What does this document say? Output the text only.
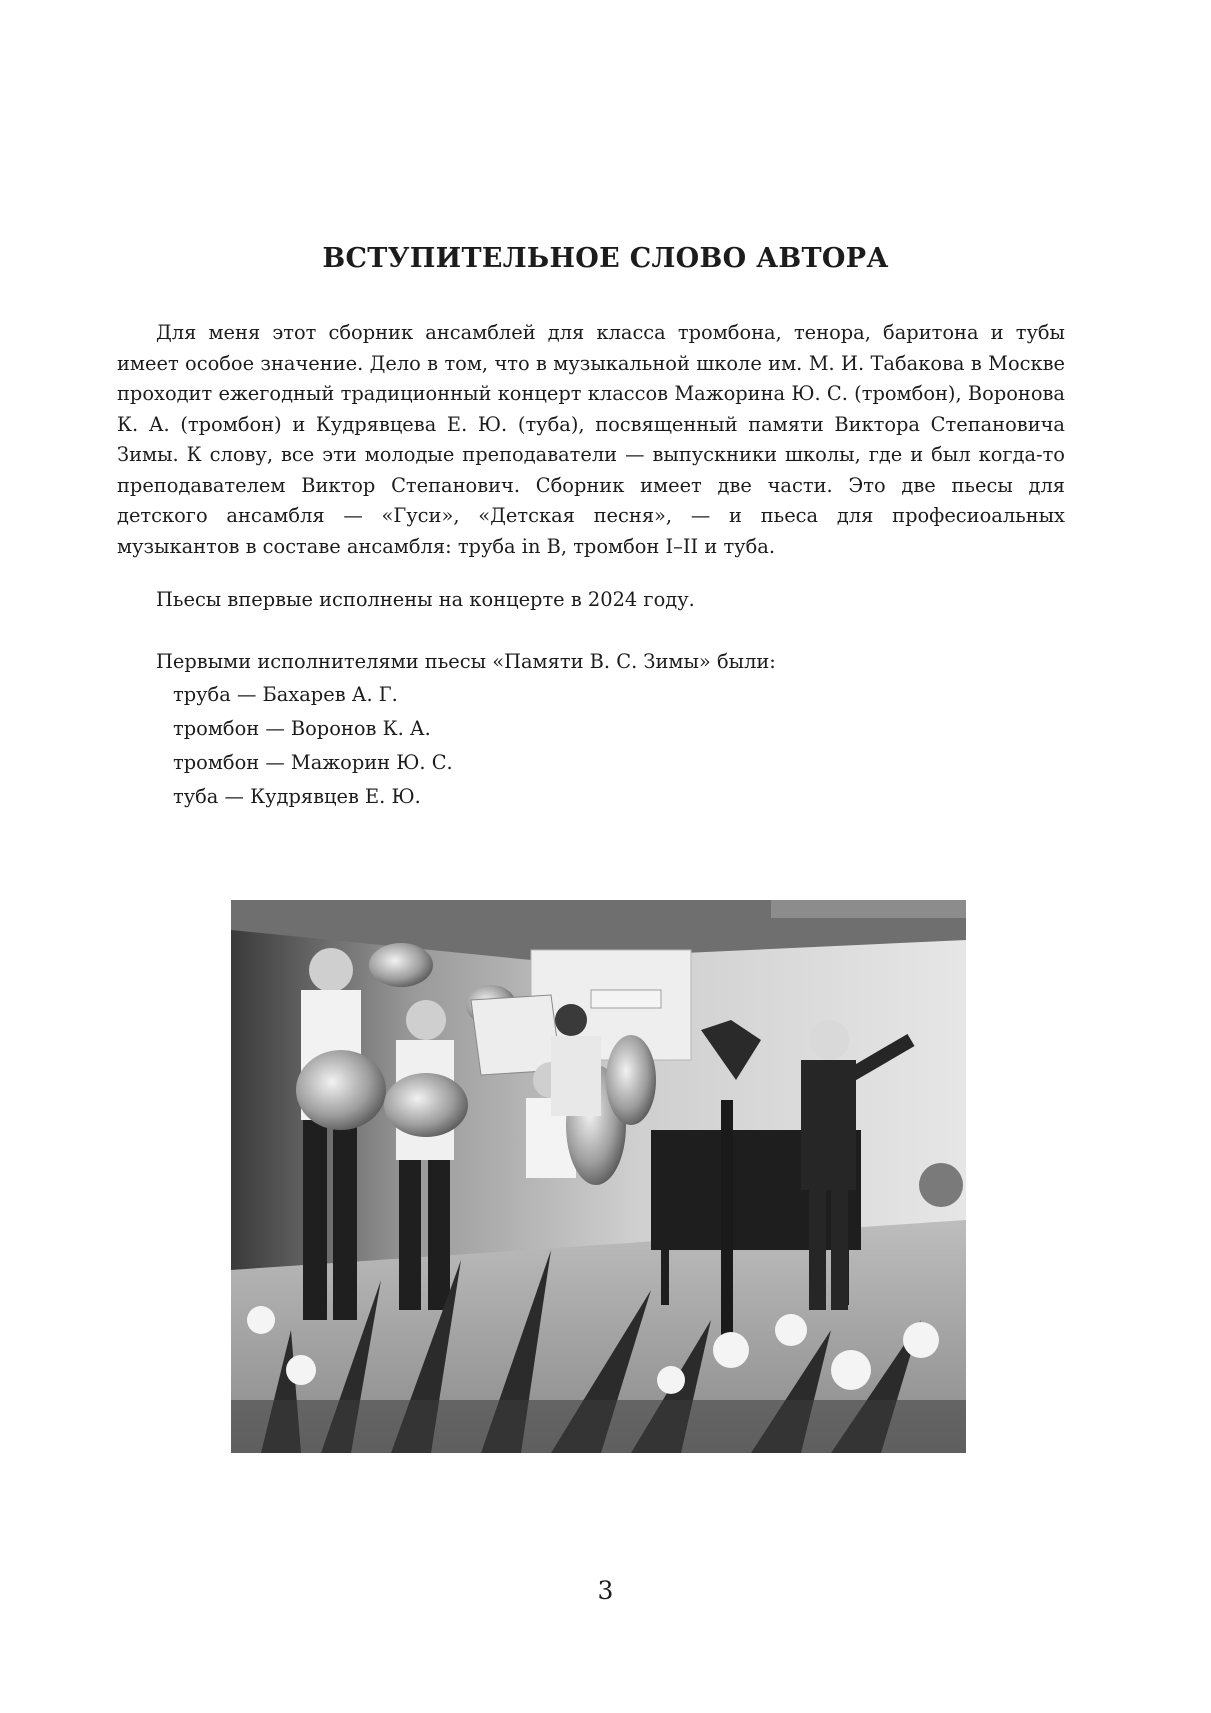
ВСТУПИТЕЛЬНОЕ СЛОВО АВТОРА

Для меня этот сборник ансамблей для класса тромбона, тенора, баритона и тубы имеет особое значение. Дело в том, что в музыкальной школе им. М. И. Табакова в Москве проходит ежегодный традиционный концерт классов Мажорина Ю. С. (тромбон), Воронова К. А. (тромбон) и Кудрявцева Е. Ю. (туба), посвященный памяти Виктора Степановича Зимы. К слову, все эти молодые преподаватели — выпускники школы, где и был когда-то преподавателем Виктор Степанович. Сборник имеет две части. Это две пьесы для детского ансамбля — «Гуси», «Детская песня», — и пьеса для професиоальных музыкантов в составе ансамбля: труба in B, тромбон I–II и туба.

Пьесы впервые исполнены на концерте в 2024 году.

Первыми исполнителями пьесы «Памяти В. С. Зимы» были:

труба — Бахарев А. Г.
тромбон — Воронов К. А.
тромбон — Мажорин Ю. С.
туба — Кудрявцев Е. Ю.

3
